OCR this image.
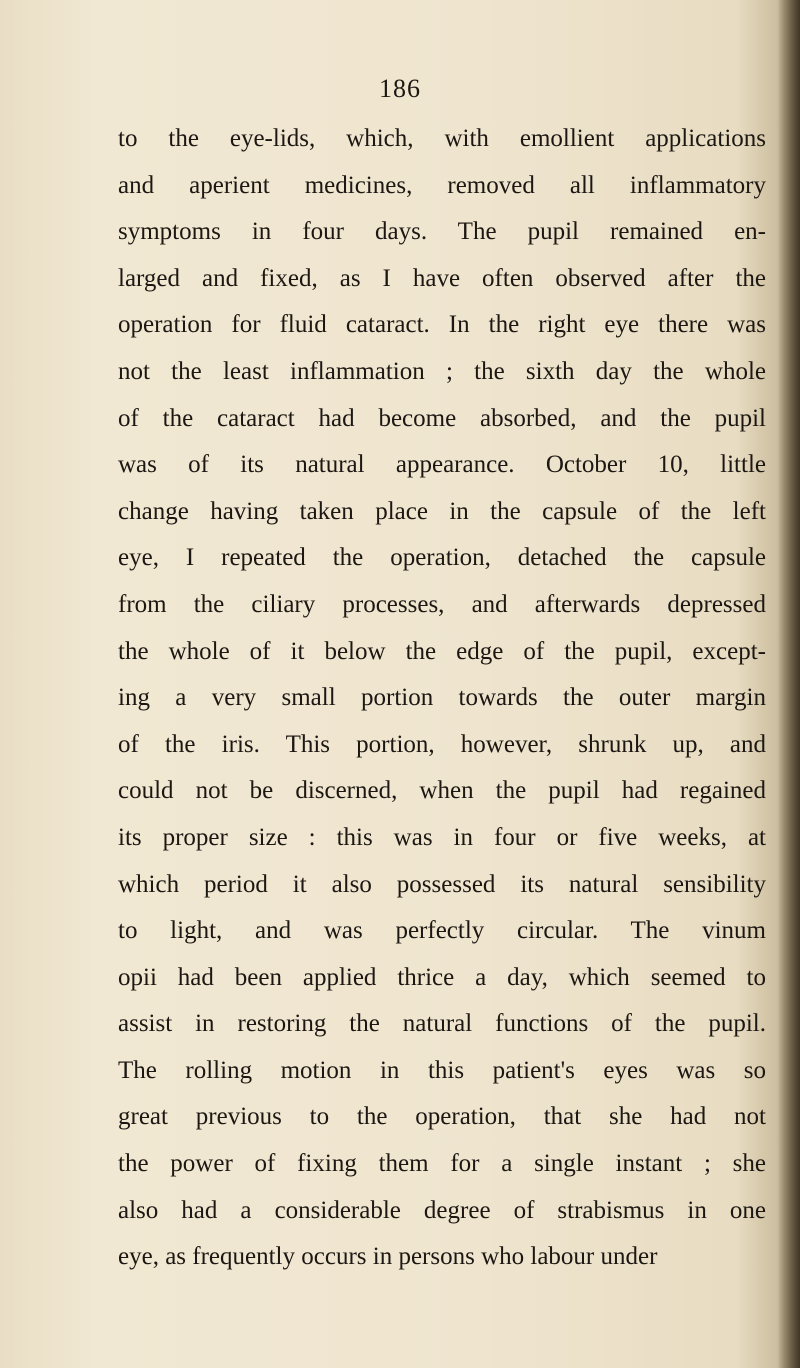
186
to the eye-lids, which, with emollient applications
and aperient medicines, removed all inflammatory
symptoms in four days. The pupil remained en-
larged and fixed, as I have often observed after the
operation for fluid cataract. In the right eye there was
not the least inflammation ; the sixth day the whole
of the cataract had become absorbed, and the pupil
was of its natural appearance. October 10, little
change having taken place in the capsule of the left
eye, I repeated the operation, detached the capsule
from the ciliary processes, and afterwards depressed
the whole of it below the edge of the pupil, except-
ing a very small portion towards the outer margin
of the iris. This portion, however, shrunk up, and
could not be discerned, when the pupil had regained
its proper size : this was in four or five weeks, at
which period it also possessed its natural sensibility
to light, and was perfectly circular. The vinum
opii had been applied thrice a day, which seemed to
assist in restoring the natural functions of the pupil.
The rolling motion in this patient's eyes was so
great previous to the operation, that she had not
the power of fixing them for a single instant ; she
also had a considerable degree of strabismus in one
eye, as frequently occurs in persons who labour under
